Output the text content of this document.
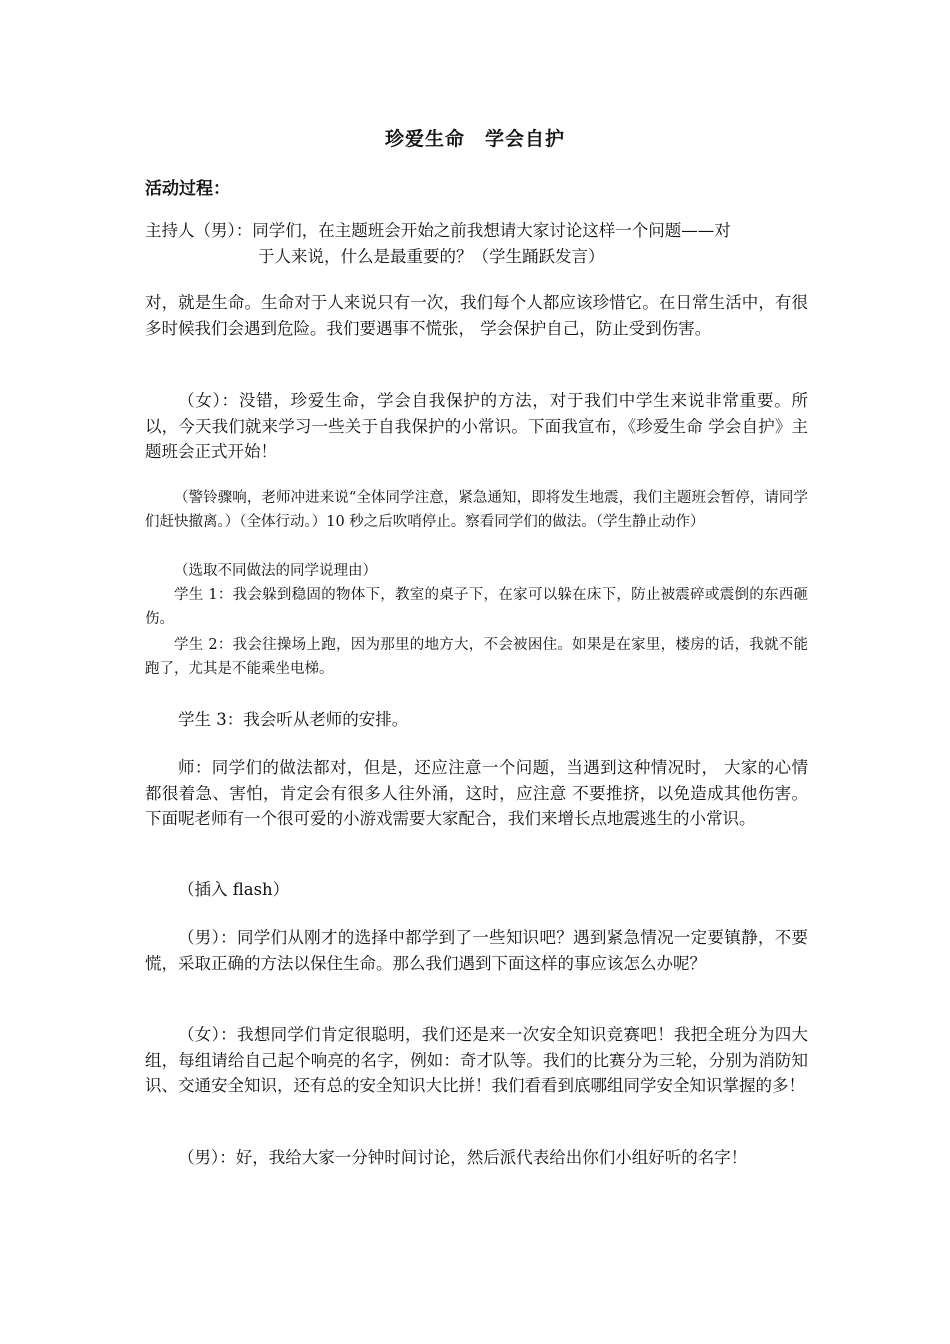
珍爱生命　学会自护
活动过程：
主持人（男）：同学们，在主题班会开始之前我想请大家讨论这样一个问题——对
于人来说，什么是最重要的？（学生踊跃发言）
对，就是生命。生命对于人来说只有一次，我们每个人都应该珍惜它。在日常生活中，有很多时候我们会遇到危险。我们要遇事不慌张， 学会保护自己，防止受到伤害。
（女）：没错，珍爱生命，学会自我保护的方法，对于我们中学生来说非常重要。所以，今天我们就来学习一些关于自我保护的小常识。下面我宣布，《珍爱生命 学会自护》主题班会正式开始！
（警铃骤响，老师冲进来说“全体同学注意，紧急通知，即将发生地震，我们主题班会暂停，请同学们赶快撤离。）（全体行动。）10 秒之后吹哨停止。察看同学们的做法。（学生静止动作）
（选取不同做法的同学说理由）
学生 1：我会躲到稳固的物体下，教室的桌子下，在家可以躲在床下，防止被震碎或震倒的东西砸伤。
学生 2：我会往操场上跑，因为那里的地方大，不会被困住。如果是在家里，楼房的话，我就不能跑了，尤其是不能乘坐电梯。
学生 3：我会听从老师的安排。
师：同学们的做法都对，但是，还应注意一个问题，当遇到这种情况时， 大家的心情都很着急、害怕，肯定会有很多人往外涌，这时，应注意 不要推挤，以免造成其他伤害。下面呢老师有一个很可爱的小游戏需要大家配合，我们来增长点地震逃生的小常识。
（插入 flash）
（男）：同学们从刚才的选择中都学到了一些知识吧？遇到紧急情况一定要镇静，不要慌，采取正确的方法以保住生命。那么我们遇到下面这样的事应该怎么办呢？
（女）：我想同学们肯定很聪明，我们还是来一次安全知识竞赛吧！我把全班分为四大组，每组请给自己起个响亮的名字，例如：奇才队等。我们的比赛分为三轮，分别为消防知识、交通安全知识，还有总的安全知识大比拼！我们看看到底哪组同学安全知识掌握的多！
（男）：好，我给大家一分钟时间讨论，然后派代表给出你们小组好听的名字！
